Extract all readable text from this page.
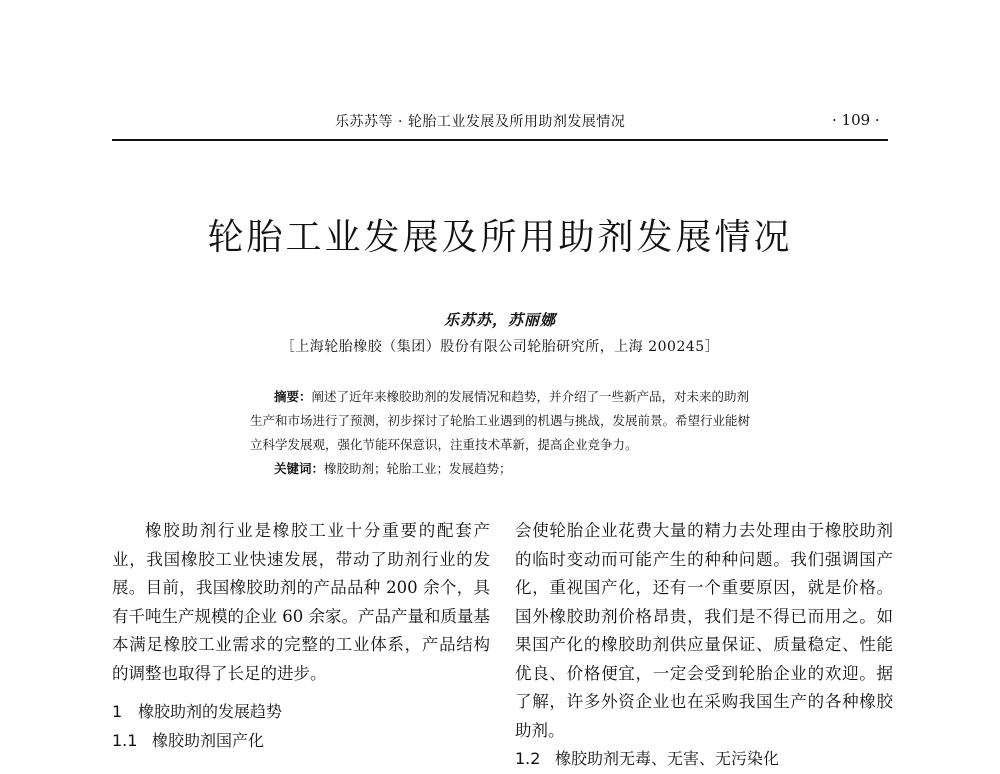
乐苏苏等 · 轮胎工业发展及所用助剂发展情况	· 109 ·
轮胎工业发展及所用助剂发展情况
乐苏苏，苏丽娜
［上海轮胎橡胶（集团）股份有限公司轮胎研究所，上海 200245］

摘要：阐述了近年来橡胶助剂的发展情况和趋势，并介绍了一些新产品，对未来的助剂生产和市场进行了预测，初步探讨了轮胎工业遇到的机遇与挑战，发展前景。希望行业能树立科学发展观，强化节能环保意识，注重技术革新，提高企业竞争力。

关键词：橡胶助剂；轮胎工业；发展趋势；

橡胶助剂行业是橡胶工业十分重要的配套产业，我国橡胶工业快速发展，带动了助剂行业的发展。目前，我国橡胶助剂的产品品种 200 余个，具有千吨生产规模的企业 60 余家。产品产量和质量基本满足橡胶工业需求的完整的工业体系，产品结构的调整也取得了长足的进步。

1 橡胶助剂的发展趋势

1.1 橡胶助剂国产化

会使轮胎企业花费大量的精力去处理由于橡胶助剂的临时变动而可能产生的种种问题。我们强调国产化，重视国产化，还有一个重要原因，就是价格。国外橡胶助剂价格昂贵，我们是不得已而用之。如果国产化的橡胶助剂供应量保证、质量稳定、性能优良、价格便宜，一定会受到轮胎企业的欢迎。据了解，许多外资企业也在采购我国生产的各种橡胶助剂。

1.2 橡胶助剂无毒、无害、无污染化
